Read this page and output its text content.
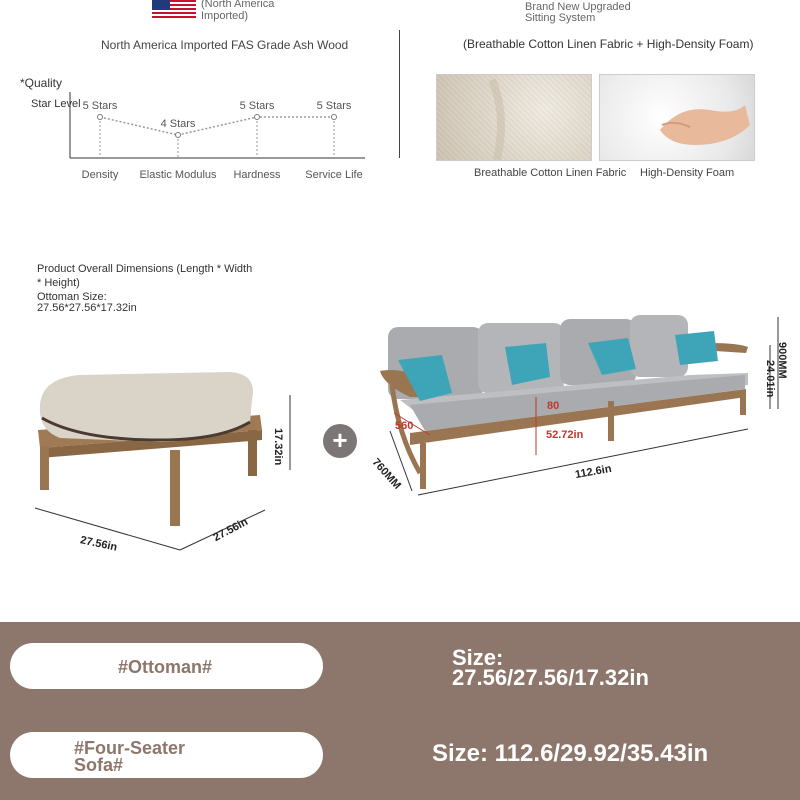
(North America
Imported)
North America Imported FAS Grade Ash Wood
Brand New Upgraded
Sitting System
(Breathable Cotton Linen Fabric + High-Density Foam)
*Quality
Star Level 5 Stars
Density
4 Stars
Elastic Modulus
5 Stars
Hardness
5 Stars
Service Life	Breathable Cotton Linen Fabric High-Density Foam
Product Overall Dimensions (Length * Width * Height)
Ottoman Size:
27.56*27.56*17.32in
27.56in	27.56in
17.32in	+
112.6in
760MM
52.72in
80
560
900MM
24.01in
#Ottoman#	Size:
27.56/27.56/17.32in
#Four-Seater
Sofa#	Size: 112.6/29.92/35.43in
